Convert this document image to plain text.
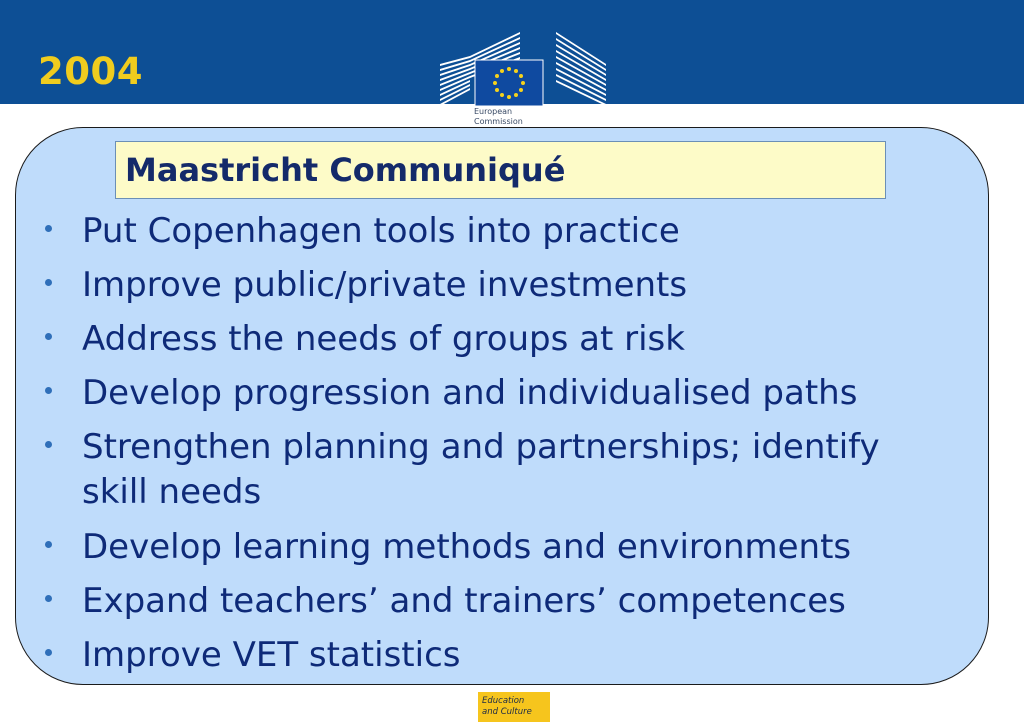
2004
European
Commission
Maastricht Communiqué
Put Copenhagen tools into practice
Improve public/private investments
Address the needs of groups at risk
Develop progression and individualised paths
Strengthen planning and partnerships; identify
skill needs
Develop learning methods and environments
Expand teachers’ and trainers’ competences
Improve VET statistics
Education
and Culture
